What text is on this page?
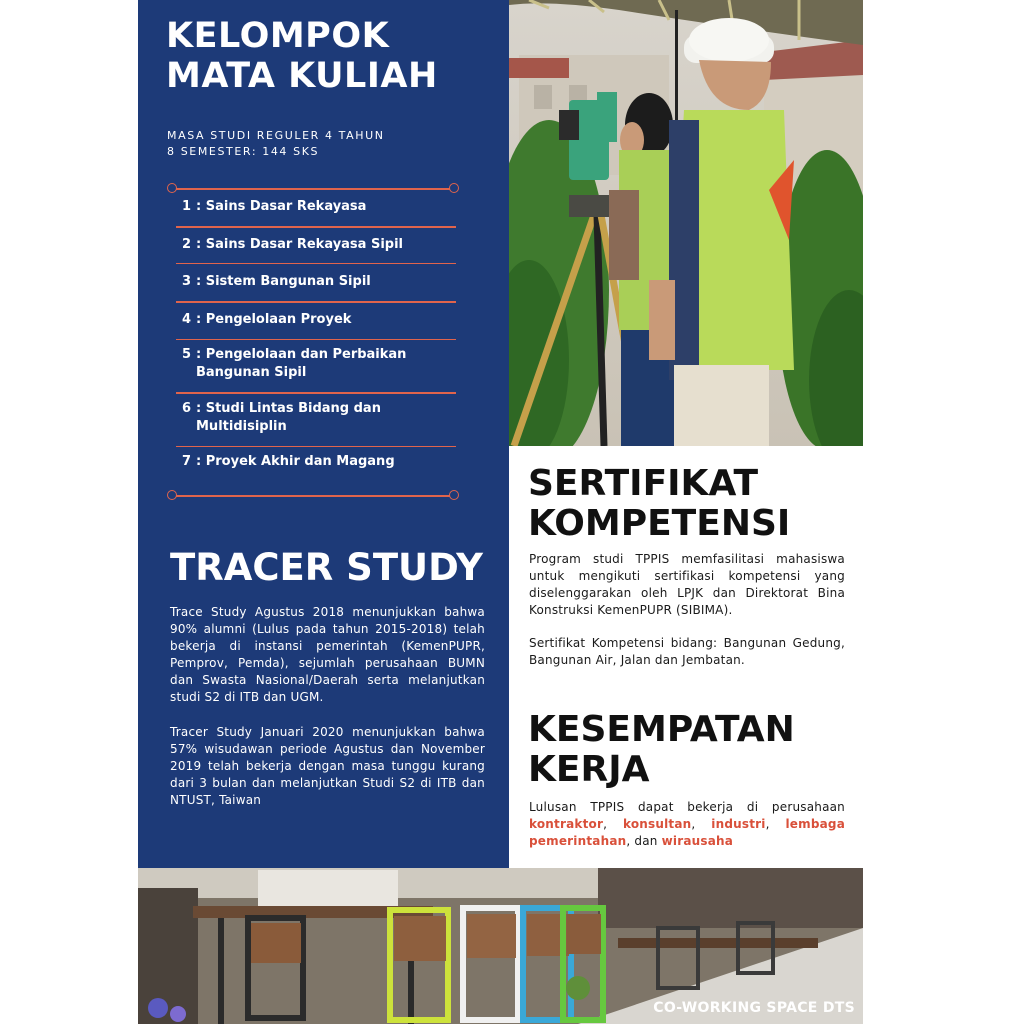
KELOMPOK
MATA KULIAH
MASA STUDI REGULER 4 TAHUN
8 SEMESTER: 144 SKS
1 : Sains Dasar Rekayasa
2 : Sains Dasar Rekayasa Sipil
3 : Sistem Bangunan Sipil
4 : Pengelolaan Proyek
5 : Pengelolaan dan Perbaikan
Bangunan Sipil
6 : Studi Lintas Bidang dan
Multidisiplin
7 : Proyek Akhir dan Magang
TRACER STUDY

Trace Study Agustus 2018 menunjukkan bahwa 90% alumni (Lulus pada tahun 2015-2018) telah bekerja di instansi pemerintah (KemenPUPR, Pemprov, Pemda), sejumlah perusahaan BUMN dan Swasta Nasional/Daerah serta melanjutkan studi S2 di ITB dan UGM.

Tracer Study Januari 2020 menunjukkan bahwa 57% wisudawan periode Agustus dan November 2019 telah bekerja dengan masa tunggu kurang dari 3 bulan dan melanjutkan Studi S2 di ITB dan NTUST, Taiwan

SERTIFIKAT
KOMPETENSI

Program studi TPPIS memfasilitasi mahasiswa untuk mengikuti sertifikasi kompetensi yang diselenggarakan oleh LPJK dan Direktorat Bina Konstruksi KemenPUPR (SIBIMA).

Sertifikat Kompetensi bidang: Bangunan Gedung, Bangunan Air, Jalan dan Jembatan.

KESEMPATAN
KERJA

Lulusan TPPIS dapat bekerja di perusahaan kontraktor, konsultan, industri, lembaga pemerintahan, dan wirausaha

CO-WORKING SPACE DTS
